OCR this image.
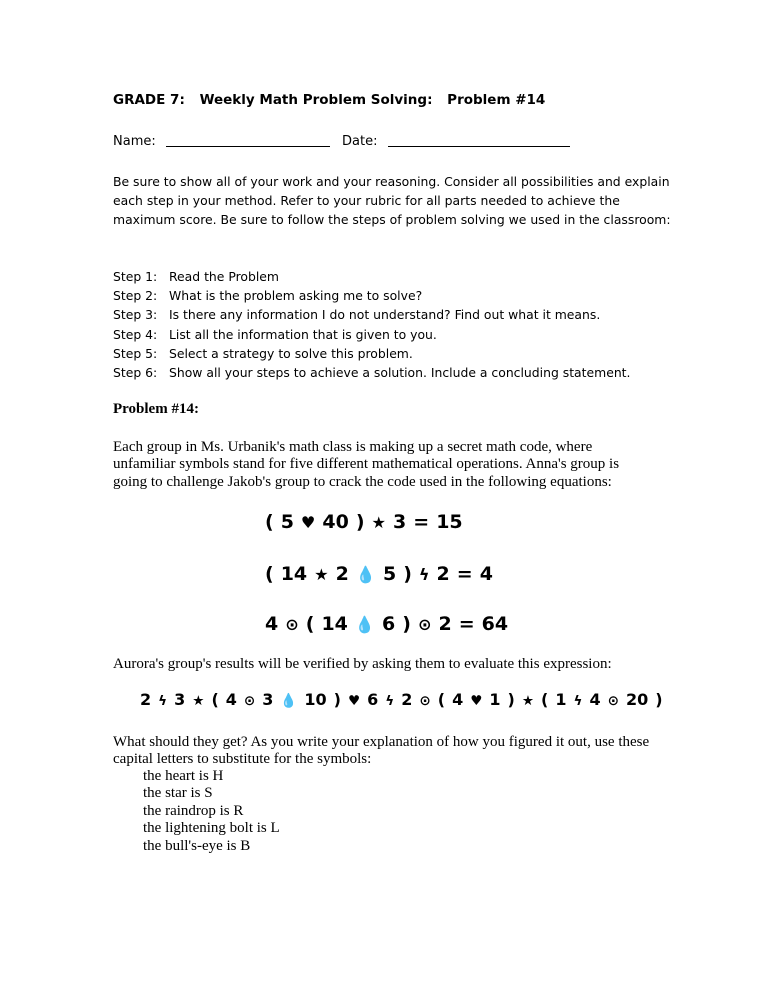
GRADE 7: Weekly Math Problem Solving: Problem #14
Name:	Date:
Be sure to show all of your work and your reasoning. Consider all possibilities and explain each step in your method. Refer to your rubric for all parts needed to achieve the maximum score. Be sure to follow the steps of problem solving we used in the classroom:
Step 1: Read the Problem
Step 2: What is the problem asking me to solve?
Step 3: Is there any information I do not understand? Find out what it means.
Step 4: List all the information that is given to you.
Step 5: Select a strategy to solve this problem.
Step 6: Show all your steps to achieve a solution. Include a concluding statement.
Problem #14:
Each group in Ms. Urbanik's math class is making up a secret math code, where unfamiliar symbols stand for five different mathematical operations. Anna's group is going to challenge Jakob's group to crack the code used in the following equations:
( 5 ♥ 40 ) ★ 3 = 15
( 14 ★ 2 💧 5 ) ϟ 2 = 4
4 ⊙ ( 14 💧 6 ) ⊙ 2 = 64
Aurora's group's results will be verified by asking them to evaluate this expression:
2 ϟ 3 ★ ( 4 ⊙ 3 💧 10 ) ♥ 6 ϟ 2 ⊙ ( 4 ♥ 1 ) ★ ( 1 ϟ 4 ⊙ 20 )
What should they get? As you write your explanation of how you figured it out, use these capital letters to substitute for the symbols:
the heart is H
the star is S
the raindrop is R
the lightening bolt is L
the bull's-eye is B
